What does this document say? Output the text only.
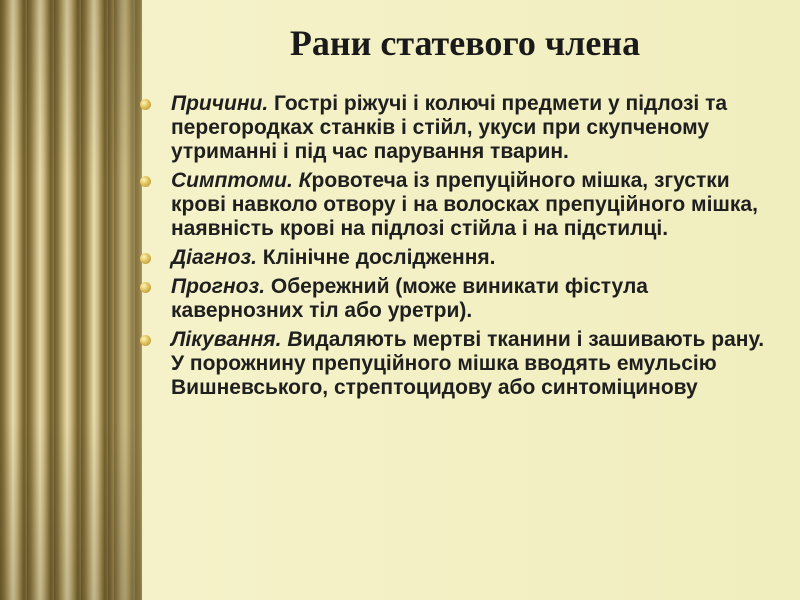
Рани статевого члена
Причини. Гострі ріжучі і колючі предмети у підлозі та перегородках станків і стійл, укуси при скупченому утриманні і під час парування тварин.
Симптоми. Кровотеча із препуційного мішка, згустки крові навколо отвору і на волосках препуційного мішка, наявність крові на підлозі стійла і на підстилці.
Діагноз. Клінічне дослідження.
Прогноз. Обережний (може виникати фістула кавернозних тіл або уретри).
Лікування. Видаляють мертві тканини і зашивають рану. У порожнину препуційного мішка вводять емульсію Вишневського, стрептоцидову або синтоміцинову
